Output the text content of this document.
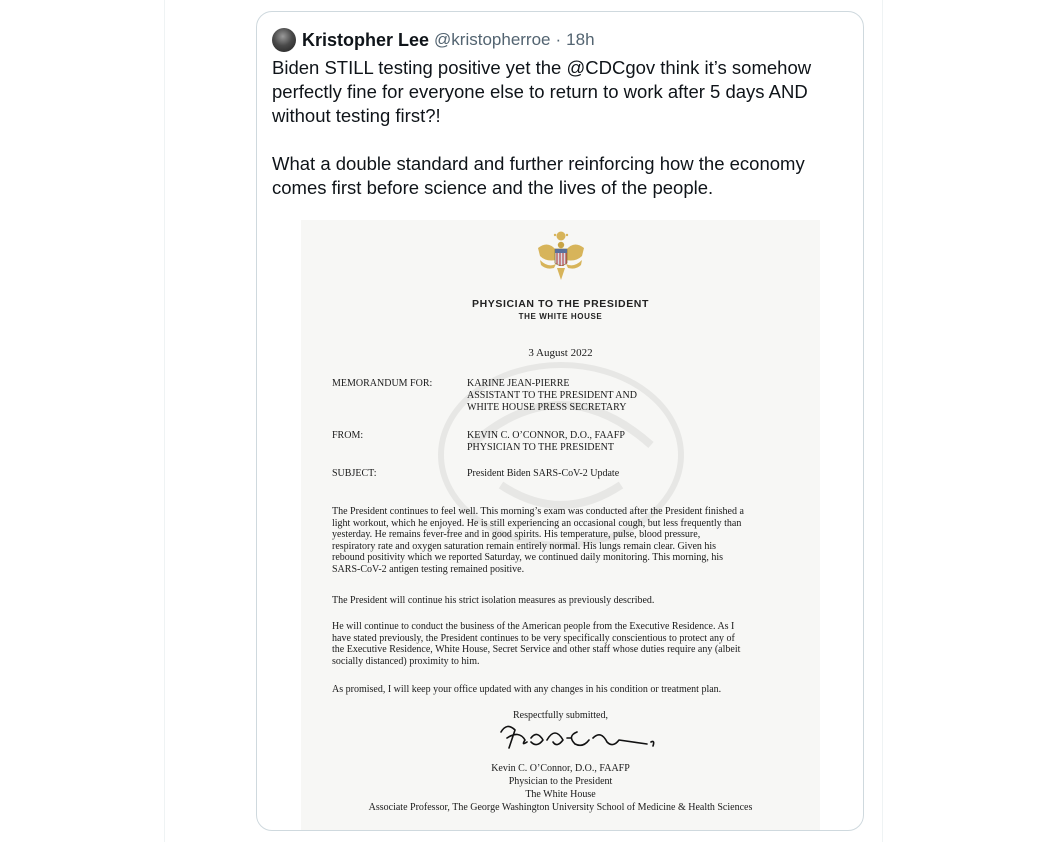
Kristopher Lee @kristopherroe · 18h
Biden STILL testing positive yet the @CDCgov think it’s somehow
perfectly fine for everyone else to return to work after 5 days AND
without testing first?!

What a double standard and further reinforcing how the economy
comes first before science and the lives of the people.
PHYSICIAN TO THE PRESIDENT
THE WHITE HOUSE
3 August 2022
MEMORANDUM FOR:	KARINE JEAN-PIERRE
ASSISTANT TO THE PRESIDENT AND
WHITE HOUSE PRESS SECRETARY
FROM:	KEVIN C. O’CONNOR, D.O., FAAFP
PHYSICIAN TO THE PRESIDENT
SUBJECT:	President Biden SARS-CoV-2 Update
The President continues to feel well. This morning’s exam was conducted after the President finished a
light workout, which he enjoyed. He is still experiencing an occasional cough, but less frequently than
yesterday. He remains fever-free and in good spirits. His temperature, pulse, blood pressure,
respiratory rate and oxygen saturation remain entirely normal. His lungs remain clear. Given his
rebound positivity which we reported Saturday, we continued daily monitoring. This morning, his
SARS-CoV-2 antigen testing remained positive.
The President will continue his strict isolation measures as previously described.
He will continue to conduct the business of the American people from the Executive Residence. As I
have stated previously, the President continues to be very specifically conscientious to protect any of
the Executive Residence, White House, Secret Service and other staff whose duties require any (albeit
socially distanced) proximity to him.
As promised, I will keep your office updated with any changes in his condition or treatment plan.
Respectfully submitted,
Kevin C. O’Connor, D.O., FAAFP
Physician to the President
The White House
Associate Professor, The George Washington University School of Medicine & Health Sciences
